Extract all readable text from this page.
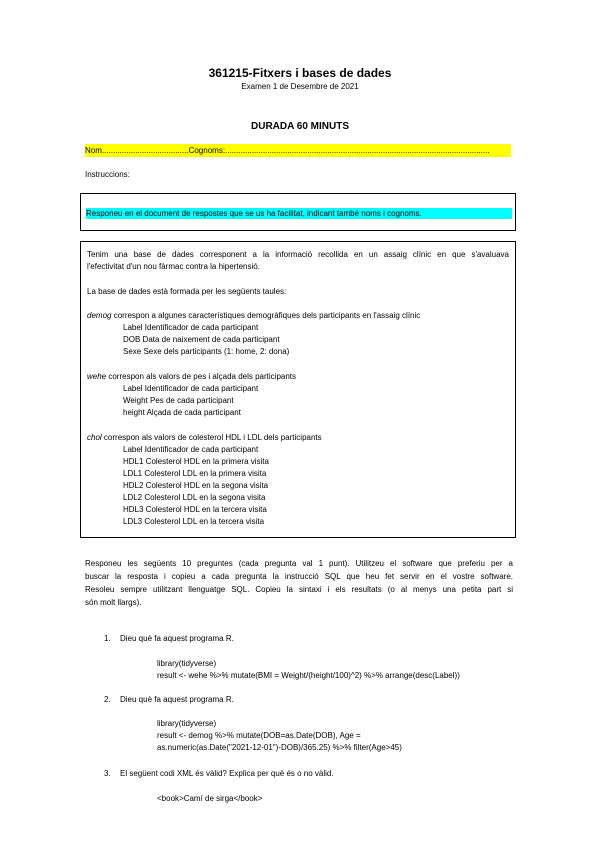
361215-Fitxers i bases de dades
Examen 1 de Desembre de 2021
DURADA 60 MINUTS
Nom.......................................Cognoms:.......................................................................................................................
Instruccions:
Responeu en el document de respostes que se us ha facilitat, indicant també noms i cognoms.
Tenim una base de dades corresponent a la informació recollida en un assaig clínic en que s'avaluava
l'efectivitat d'un nou fàrmac contra la hipertensió.
La base de dades està formada per les següents taules:
demog correspon a algunes característiques demogràfiques dels participants en l'assaig clínic
Label Identificador de cada participant
DOB Data de naixement de cada participant
Sexe Sexe dels participants (1: home, 2: dona)
wehe correspon als valors de pes i alçada dels participants
Label Identificador de cada participant
Weight Pes de cada participant
height Alçada de cada participant
chol correspon als valors de colesterol HDL i LDL dels participants
Label Identificador de cada participant
HDL1 Colesterol HDL en la primera visita
LDL1 Colesterol LDL en la primera visita
HDL2 Colesterol HDL en la segona visita
LDL2 Colesterol LDL en la segona visita
HDL3 Colesterol HDL en la tercera visita
LDL3 Colesterol LDL en la tercera visita
Responeu les següents 10 preguntes (cada pregunta val 1 punt). Utilitzeu el software que preferiu per a
buscar la resposta i copieu a cada pregunta la instrucció SQL que heu fet servir en el vostre software.
Resoleu sempre utilitzant llenguatge SQL. Copieu la sintaxi i els resultats (o al menys una petita part si
són molt llargs).
1. Dieu què fa aquest programa R.
library(tidyverse)
result <- wehe %>% mutate(BMI = Weight/(height/100)^2) %>% arrange(desc(Label))
2. Dieu què fa aquest programa R.
library(tidyverse)
result <- demog %>% mutate(DOB=as.Date(DOB), Age =
as.numeric(as.Date("2021-12-01")-DOB)/365.25) %>% filter(Age>45)
3. El següent codi XML és vàlid? Explica per què és o no vàlid.
<book>Camí de sirga</book>
